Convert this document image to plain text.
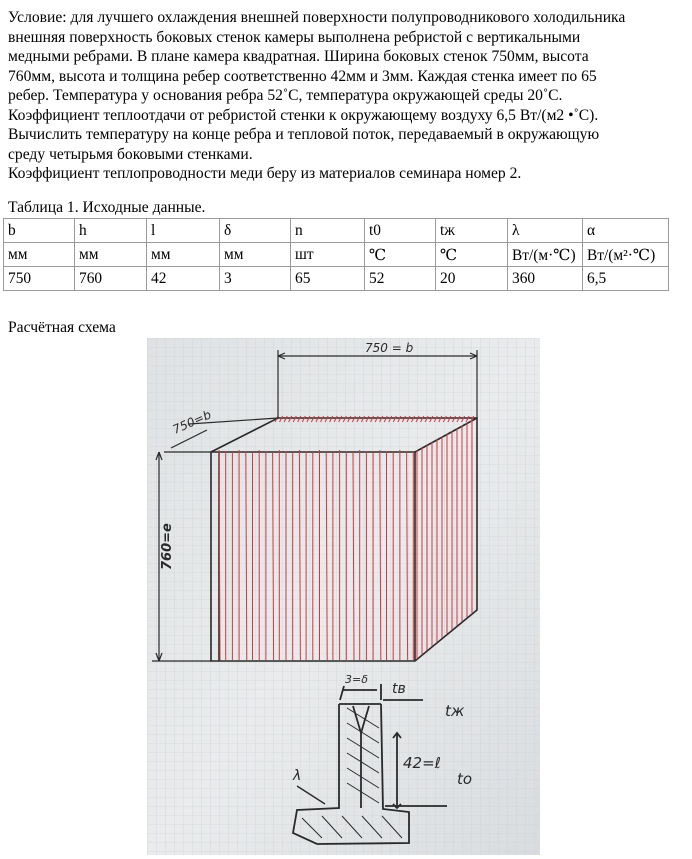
Условие: для лучшего охлаждения внешней поверхности полупроводникового холодильника

внешняя поверхность боковых стенок камеры выполнена ребристой с вертикальными

медными ребрами. В плане камера квадратная. Ширина боковых стенок 750мм, высота

760мм, высота и толщина ребер соответственно 42мм и 3мм. Каждая стенка имеет по 65

ребер. Температура у основания ребра 52˚C, температура окружающей среды 20˚C.

Коэффициент теплоотдачи от ребристой стенки к окружающему воздуху 6,5 Вт/(м2 •˚C).

Вычислить температуру на конце ребра и тепловой поток, передаваемый в окружающую

среду четырьмя боковыми стенками.

Коэффициент теплопроводности меди беру из материалов семинара номер 2.

Таблица 1. Исходные данные.
b	h	l	δ	n	t0	tж	λ	α
мм	мм	мм	мм	шт	℃	℃	Вт/(м·℃)	Вт/(м²·℃)
750	760	42	3	65	52	20	360	6,5
Расчётная схема
750 = b
750=b
760=e
3=δ
tв
tж
42=ℓ
tо
λ
